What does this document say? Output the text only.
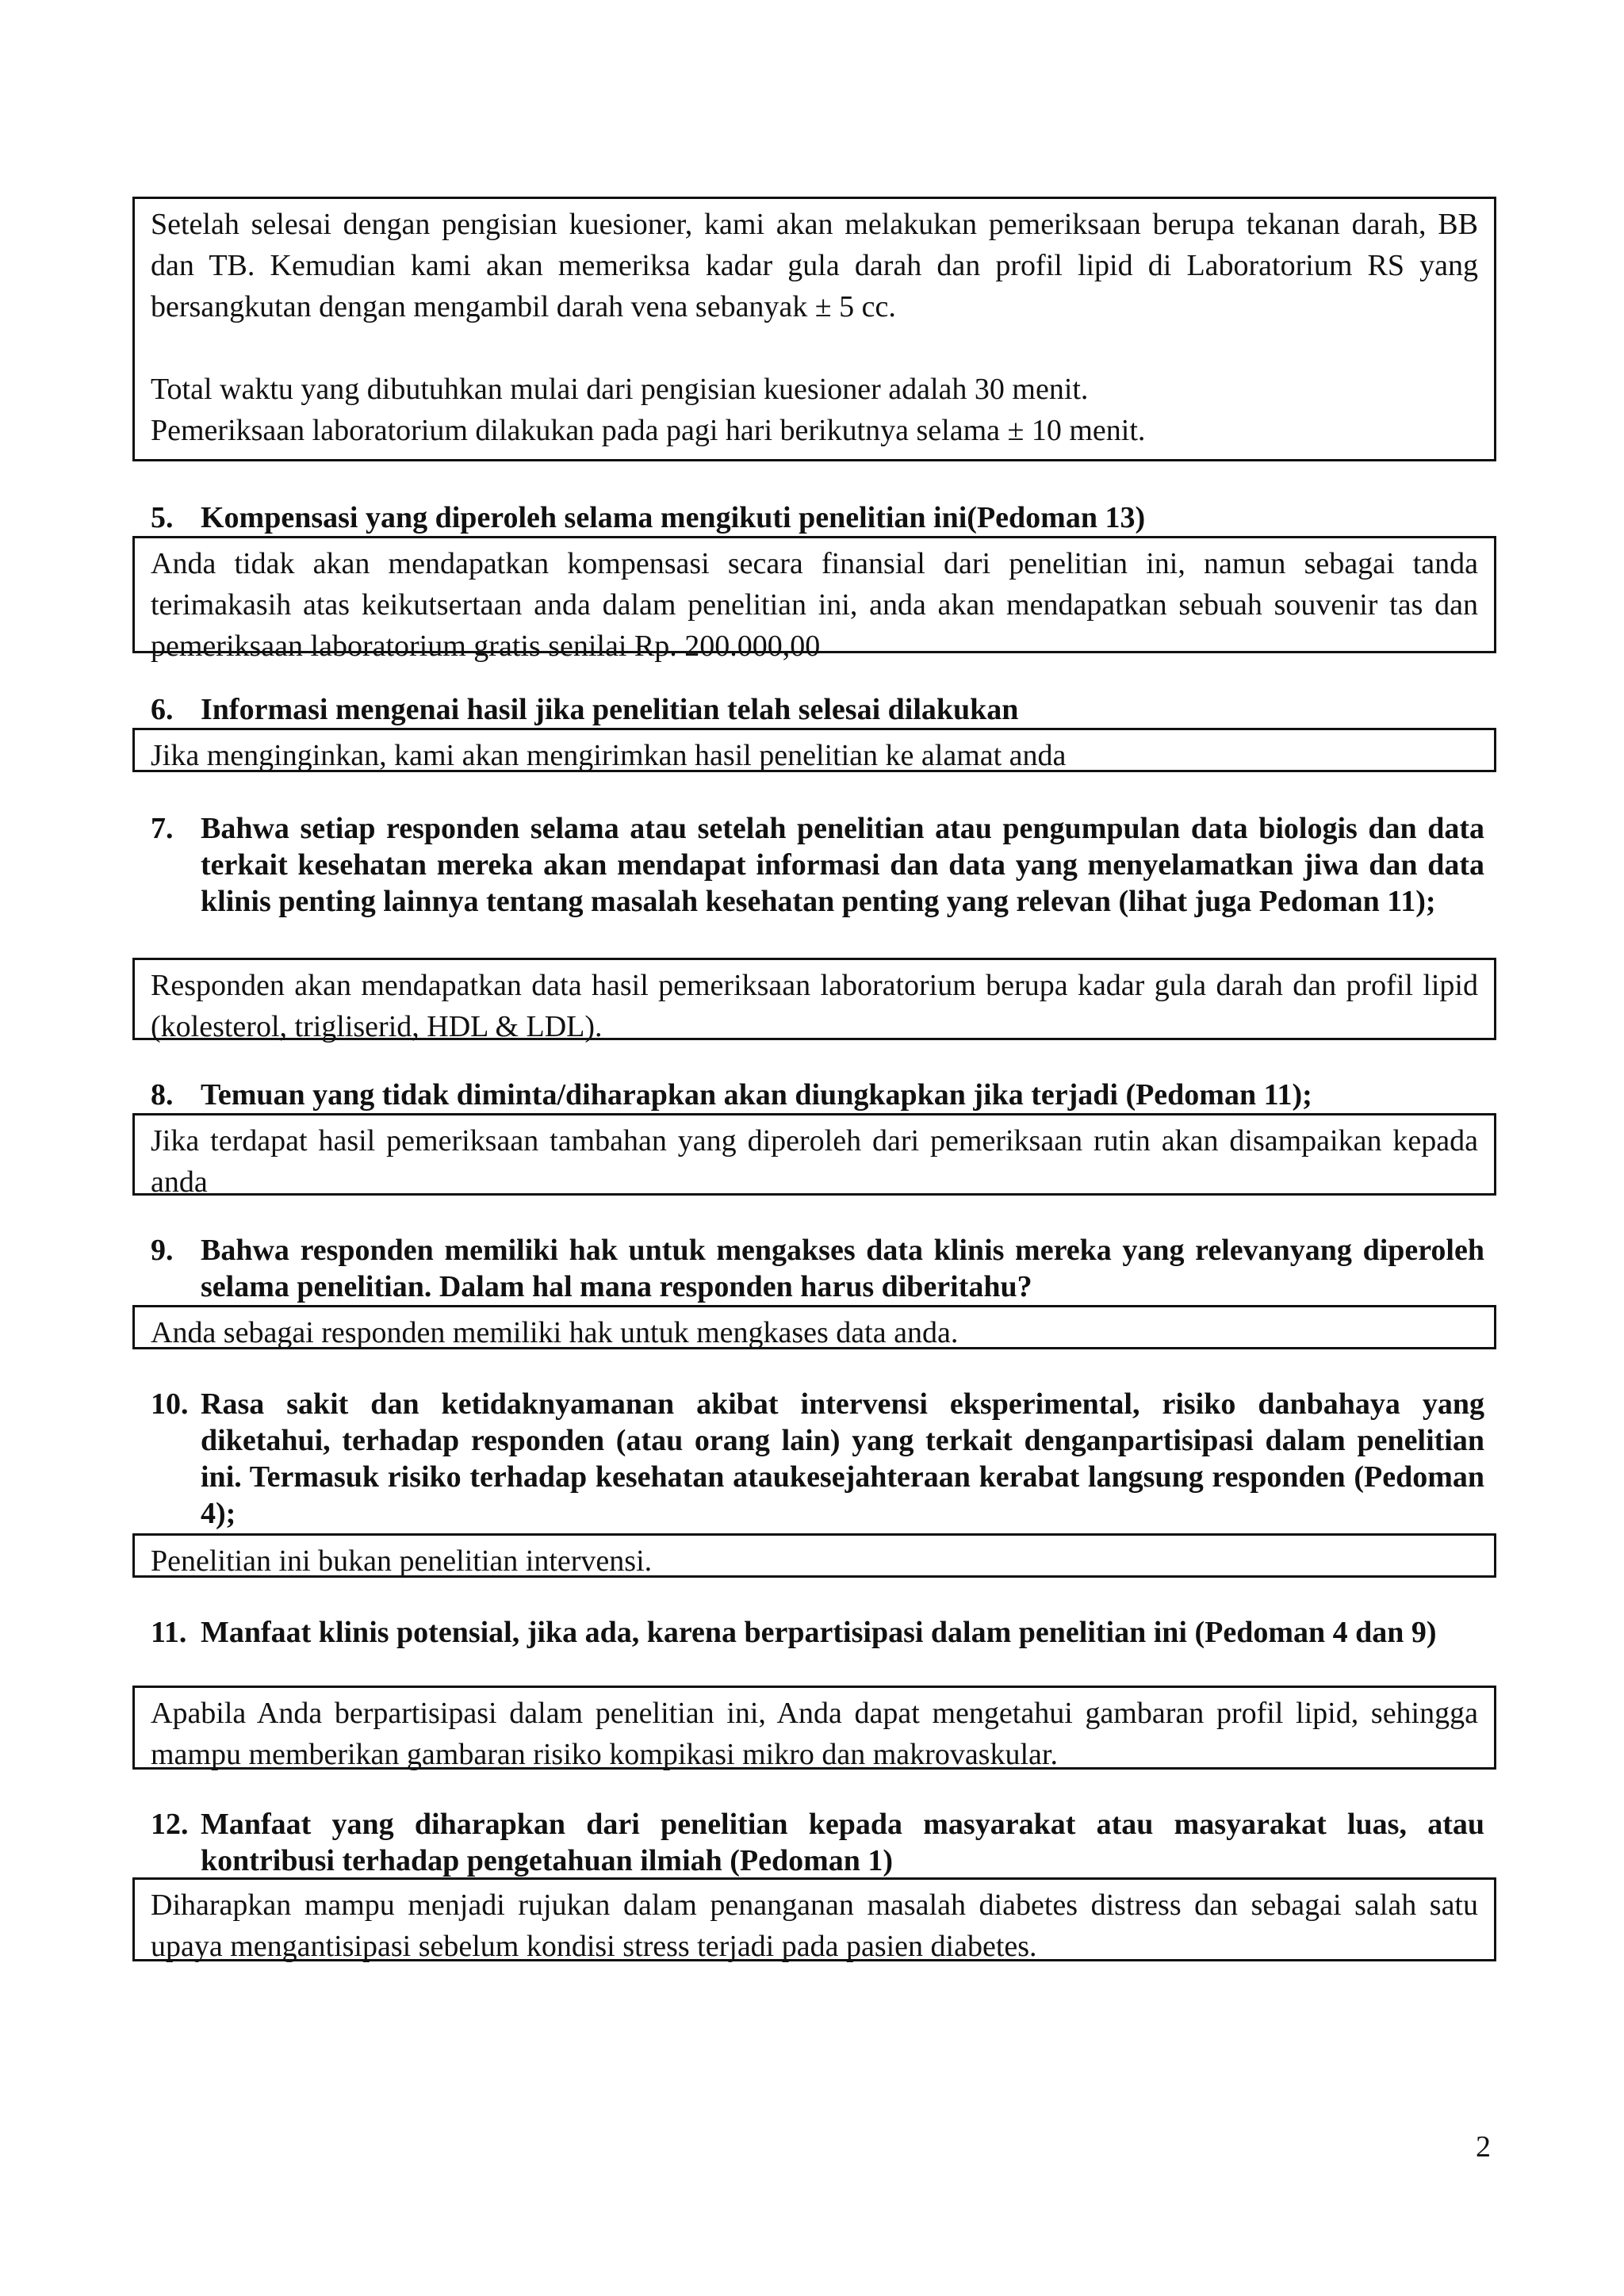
Setelah selesai dengan pengisian kuesioner, kami akan melakukan pemeriksaan berupa tekanan darah, BB dan TB. Kemudian kami akan memeriksa kadar gula darah dan profil lipid di Laboratorium RS yang bersangkutan dengan mengambil darah vena sebanyak ± 5 cc.

Total waktu yang dibutuhkan mulai dari pengisian kuesioner adalah 30 menit.
Pemeriksaan laboratorium dilakukan pada pagi hari berikutnya selama ± 10 menit.

5. Kompensasi yang diperoleh selama mengikuti penelitian ini(Pedoman 13)

Anda tidak akan mendapatkan kompensasi secara finansial dari penelitian ini, namun sebagai tanda terimakasih atas keikutsertaan anda dalam penelitian ini, anda akan mendapatkan sebuah souvenir tas dan pemeriksaan laboratorium gratis senilai Rp. 200.000,00

6. Informasi mengenai hasil jika penelitian telah selesai dilakukan

Jika menginginkan, kami akan mengirimkan hasil penelitian ke alamat anda

7. Bahwa setiap responden selama atau setelah penelitian atau pengumpulan data biologis dan data terkait kesehatan mereka akan mendapat informasi dan data yang menyelamatkan jiwa dan data klinis penting lainnya tentang masalah kesehatan penting yang relevan (lihat juga Pedoman 11);

Responden akan mendapatkan data hasil pemeriksaan laboratorium berupa kadar gula darah dan profil lipid (kolesterol, trigliserid, HDL & LDL).

8. Temuan yang tidak diminta/diharapkan akan diungkapkan jika terjadi (Pedoman 11);

Jika terdapat hasil pemeriksaan tambahan yang diperoleh dari pemeriksaan rutin akan disampaikan kepada anda

9. Bahwa responden memiliki hak untuk mengakses data klinis mereka yang relevanyang diperoleh selama penelitian. Dalam hal mana responden harus diberitahu?

Anda sebagai responden memiliki hak untuk mengkases data anda.

10. Rasa sakit dan ketidaknyamanan akibat intervensi eksperimental, risiko danbahaya yang diketahui, terhadap responden (atau orang lain) yang terkait denganpartisipasi dalam penelitian ini. Termasuk risiko terhadap kesehatan ataukesejahteraan kerabat langsung responden (Pedoman 4);

Penelitian ini bukan penelitian intervensi.

11. Manfaat klinis potensial, jika ada, karena berpartisipasi dalam penelitian ini (Pedoman 4 dan 9)

Apabila Anda berpartisipasi dalam penelitian ini, Anda dapat mengetahui gambaran profil lipid, sehingga mampu memberikan gambaran risiko kompikasi mikro dan makrovaskular.

12. Manfaat yang diharapkan dari penelitian kepada masyarakat atau masyarakat luas, atau kontribusi terhadap pengetahuan ilmiah (Pedoman 1)

Diharapkan mampu menjadi rujukan dalam penanganan masalah diabetes distress dan sebagai salah satu upaya mengantisipasi sebelum kondisi stress terjadi pada pasien diabetes.

2
